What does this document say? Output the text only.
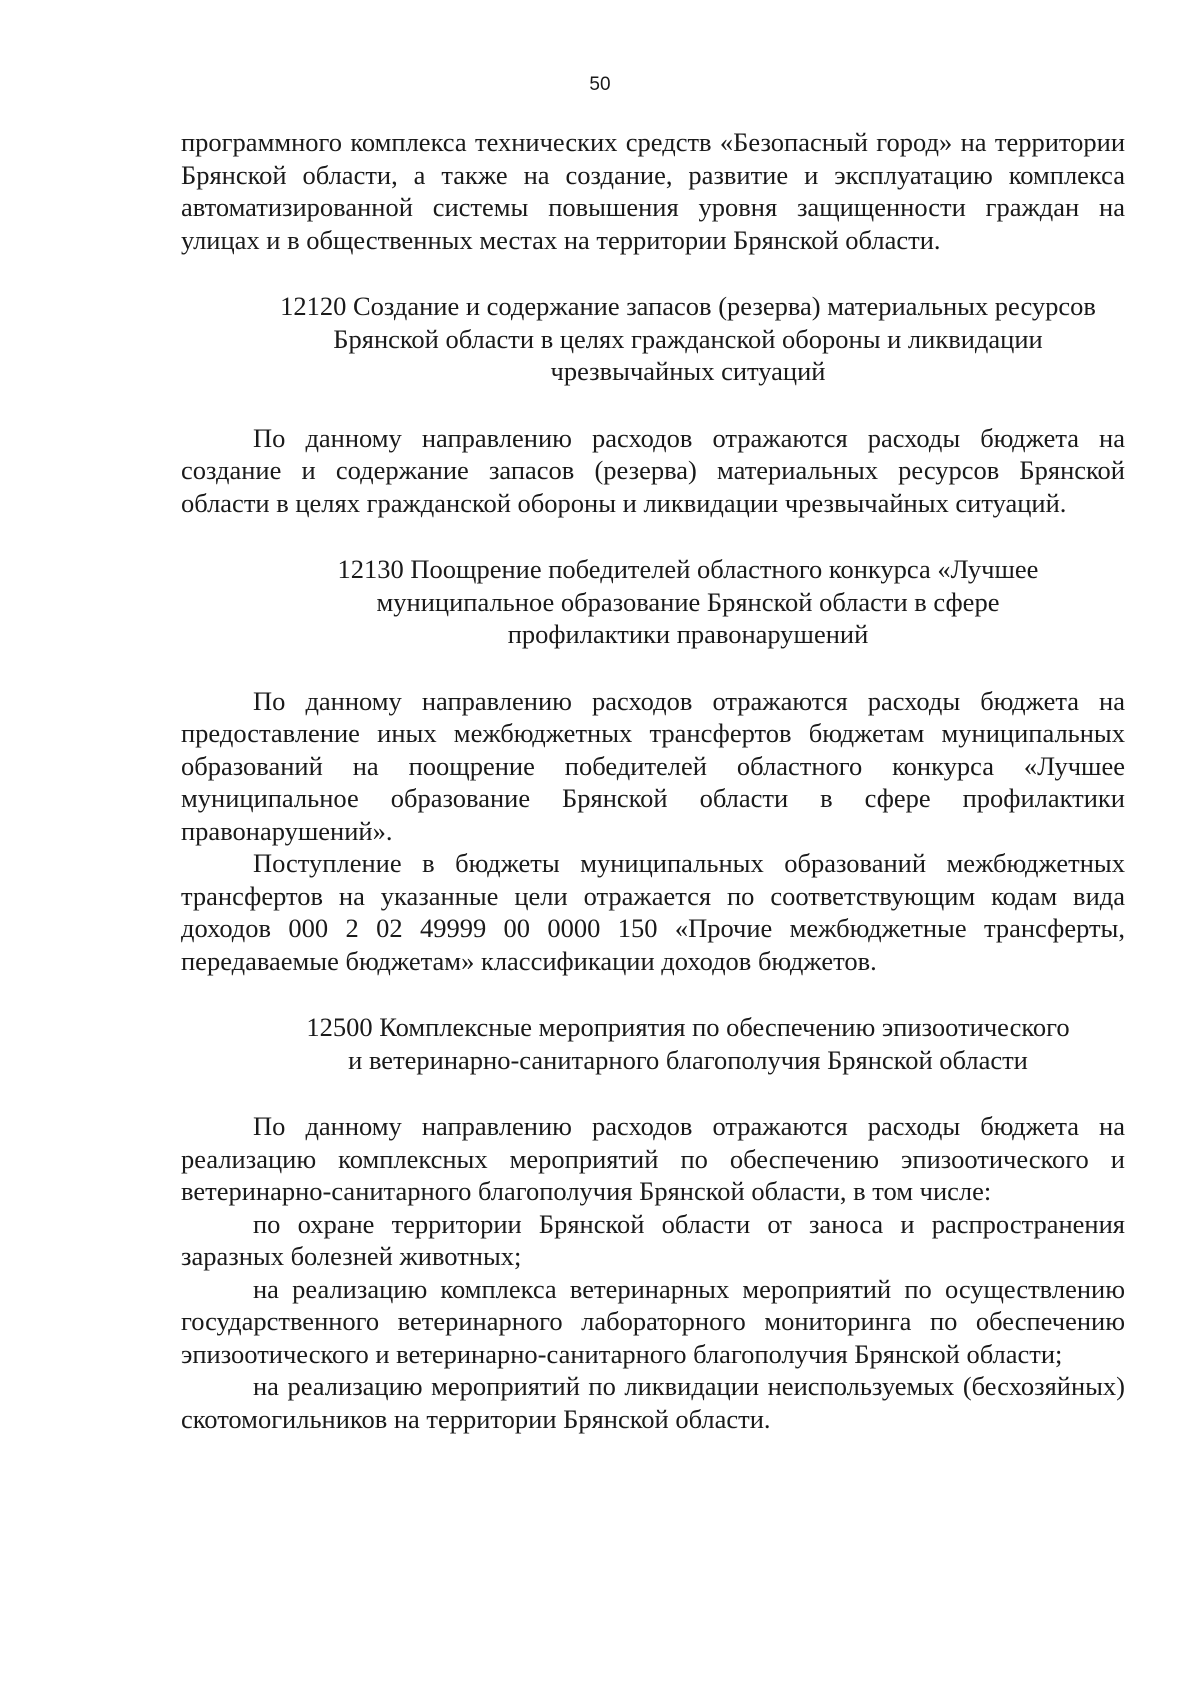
50

программного комплекса технических средств «Безопасный город» на территории Брянской области, а также на создание, развитие и эксплуатацию комплекса автоматизированной системы повышения уровня защищенности граждан на улицах и в общественных местах на территории Брянской области.

12120 Создание и содержание запасов (резерва) материальных ресурсов
Брянской области в целях гражданской обороны и ликвидации
чрезвычайных ситуаций

По данному направлению расходов отражаются расходы бюджета на создание и содержание запасов (резерва) материальных ресурсов Брянской области в целях гражданской обороны и ликвидации чрезвычайных ситуаций.

12130 Поощрение победителей областного конкурса «Лучшее
муниципальное образование Брянской области в сфере
профилактики правонарушений

По данному направлению расходов отражаются расходы бюджета на предоставление иных межбюджетных трансфертов бюджетам муниципальных образований на поощрение победителей областного конкурса «Лучшее муниципальное образование Брянской области в сфере профилактики правонарушений».

Поступление в бюджеты муниципальных образований межбюджетных трансфертов на указанные цели отражается по соответствующим кодам вида доходов 000 2 02 49999 00 0000 150 «Прочие межбюджетные трансферты, передаваемые бюджетам» классификации доходов бюджетов.

12500 Комплексные мероприятия по обеспечению эпизоотического
и ветеринарно-санитарного благополучия Брянской области

По данному направлению расходов отражаются расходы бюджета на реализацию комплексных мероприятий по обеспечению эпизоотического и ветеринарно-санитарного благополучия Брянской области, в том числе:

по охране территории Брянской области от заноса и распространения заразных болезней животных;

на реализацию комплекса ветеринарных мероприятий по осуществлению государственного ветеринарного лабораторного мониторинга по обеспечению эпизоотического и ветеринарно-санитарного благополучия Брянской области;

на реализацию мероприятий по ликвидации неиспользуемых (бесхозяйных) скотомогильников на территории Брянской области.
